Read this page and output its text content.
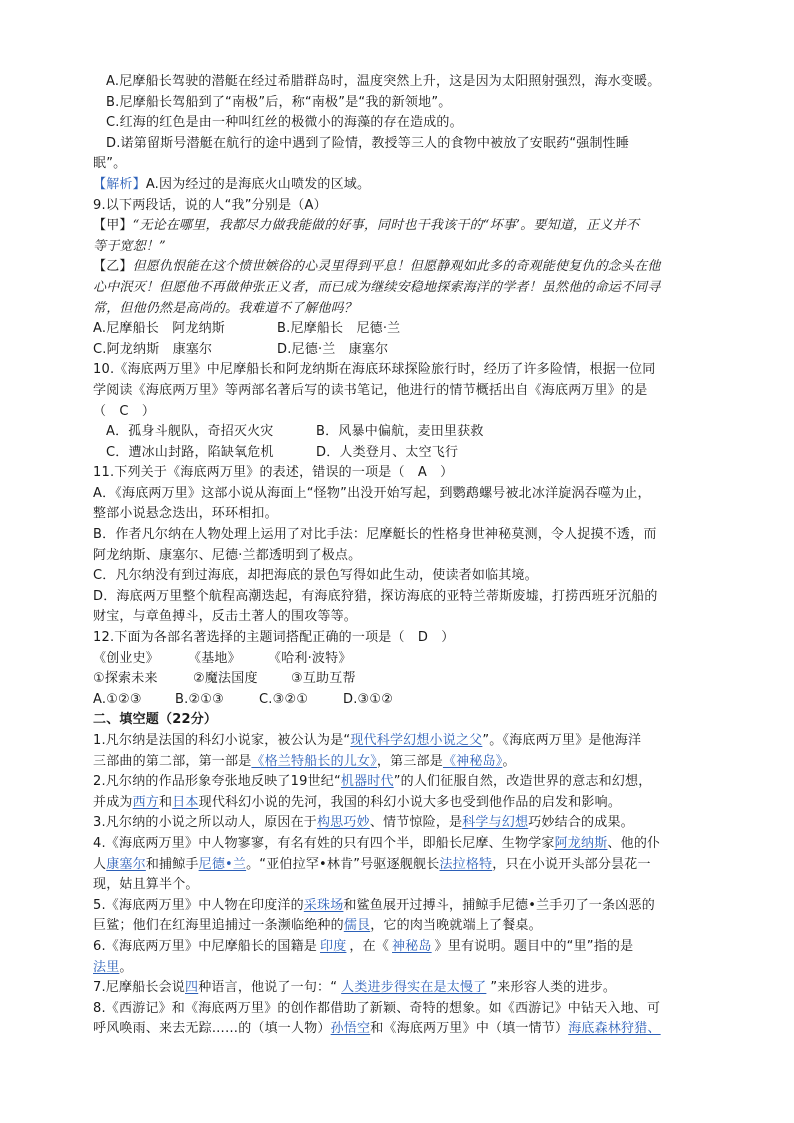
A.尼摩船长驾驶的潜艇在经过希腊群岛时，温度突然上升，这是因为太阳照射强烈，海水变暖。
B.尼摩船长驾船到了“南极”后，称“南极”是“我的新领地”。
C.红海的红色是由一种叫红丝的极微小的海藻的存在造成的。
D.诺第留斯号潜艇在航行的途中遇到了险情，教授等三人的食物中被放了安眠药“强制性睡
眠”。
【解析】A.因为经过的是海底火山喷发的区域。
9.以下两段话，说的人“我”分别是（A）
【甲】“无论在哪里，我都尽力做我能做的好事，同时也干我该干的“坏事’。要知道，正义并不
等于宽恕！”
【乙】但愿仇恨能在这个愤世嫉俗的心灵里得到平息！但愿静观如此多的奇观能使复仇的念头在他
心中泯灭！但愿他不再做伸张正义者，而已成为继续安稳地探索海洋的学者！虽然他的命运不同寻
常，但他仍然是高尚的。我难道不了解他吗？
A.尼摩船长　阿龙纳斯	B.尼摩船长　尼德·兰
C.阿龙纳斯　康塞尔	D.尼德·兰　康塞尔
10.《海底两万里》中尼摩船长和阿龙纳斯在海底环球探险旅行时，经历了许多险情，根据一位同
学阅读《海底两万里》等两部名著后写的读书笔记，他进行的情节概括出自《海底两万里》的是
（　C　）
A．孤身斗舰队，奇招灭火灾	B．风暴中偏航，麦田里获救
C．遭冰山封路，陷缺氧危机	D．人类登月、太空飞行
11.下列关于《海底两万里》的表述，错误的一项是（　A　）
A．《海底两万里》这部小说从海面上“怪物”出没开始写起，到鹦鹉螺号被北冰洋旋涡吞噬为止，
整部小说悬念迭出，环环相扣。
B．作者凡尔纳在人物处理上运用了对比手法：尼摩艇长的性格身世神秘莫测，令人捉摸不透，而
阿龙纳斯、康塞尔、尼德·兰都透明到了极点。
C．凡尔纳没有到过海底，却把海底的景色写得如此生动，使读者如临其境。
D．海底两万里整个航程高潮迭起，有海底狩猎，探访海底的亚特兰蒂斯废墟，打捞西班牙沉船的
财宝，与章鱼搏斗，反击土著人的围攻等等。
12.下面为各部名著选择的主题词搭配正确的一项是（　D　）
《创业史》 《基地》 《哈利·波特》
①探索未来	②魔法国度	③互助互帮
A.①②③	B.②①③	C.③②①	D.③①②
二、填空题（22分）
1.凡尔纳是法国的科幻小说家，被公认为是“现代科学幻想小说之父”。《海底两万里》是他海洋
三部曲的第二部，第一部是《格兰特船长的儿女》，第三部是《神秘岛》。
2.凡尔纳的作品形象夸张地反映了19世纪“机器时代”的人们征服自然，改造世界的意志和幻想，
并成为西方和日本现代科幻小说的先河，我国的科幻小说大多也受到他作品的启发和影响。
3.凡尔纳的小说之所以动人，原因在于构思巧妙、情节惊险，是科学与幻想巧妙结合的成果。
4.《海底两万里》中人物寥寥，有名有姓的只有四个半，即船长尼摩、生物学家阿龙纳斯、他的仆
人康塞尔和捕鲸手尼德•兰。“亚伯拉罕•林肯”号驱逐舰舰长法拉格特，只在小说开头部分昙花一
现，姑且算半个。
5.《海底两万里》中人物在印度洋的采珠场和鲨鱼展开过搏斗，捕鲸手尼德•兰手刃了一条凶恶的
巨鲨；他们在红海里追捕过一条濒临绝种的儒艮，它的肉当晚就端上了餐桌。
6.《海底两万里》中尼摩船长的国籍是 印度 ，在《 神秘岛 》里有说明。题目中的“里”指的是
法里。
7.尼摩船长会说四种语言，他说了一句：“ 人类进步得实在是太慢了 ”来形容人类的进步。
8.《西游记》和《海底两万里》的创作都借助了新颖、奇特的想象。如《西游记》中钻天入地、可
呼风唤雨、来去无踪……的（填一人物）孙悟空和《海底两万里》中（填一情节）海底森林狩猎、
